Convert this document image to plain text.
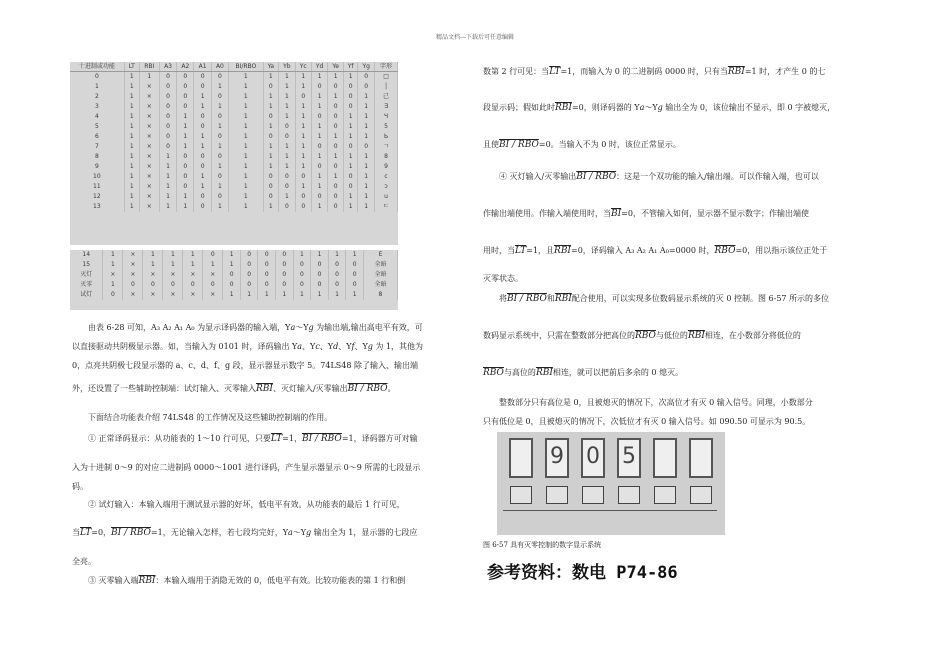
精品文档---下载后可任意编辑
十进制或功能	LT	RBI	A3	A2	A1	A0	BI/RBO	Ya	Yb	Yc	Yd	Ye	Yf	Yg	字形
0	1	1	0	0	0	0	1	1	1	1	1	1	1	0	□
1	1	×	0	0	0	1	1	0	1	1	0	0	0	0	│
2	1	×	0	0	1	0	1	1	1	0	1	1	0	1	己
3	1	×	0	0	1	1	1	1	1	1	1	0	0	1	∃
4	1	×	0	1	0	0	1	0	1	1	0	0	1	1	Ч
5	1	×	0	1	0	1	1	1	0	1	1	0	1	1	5
6	1	×	0	1	1	0	1	0	0	1	1	1	1	1	Ь
7	1	×	0	1	1	1	1	1	1	1	0	0	0	0	ㄱ
8	1	×	1	0	0	0	1	1	1	1	1	1	1	1	8
9	1	×	1	0	0	1	1	1	1	1	0	0	1	1	9
10	1	×	1	0	1	0	1	0	0	0	1	1	0	1	c
11	1	×	1	0	1	1	1	0	0	1	1	0	0	1	ɔ
12	1	×	1	1	0	0	1	0	1	0	0	0	1	1	u
13	1	×	1	1	0	1	1	1	0	0	1	0	1	1	ㄷ
14	1	×	1	1	1	0	1	0	0	0	1	1	1	1	E
15	1	×	1	1	1	1	1	0	0	0	0	0	0	0	全暗
灭灯	×	×	×	×	×	×	0	0	0	0	0	0	0	0	全暗
灭零	1	0	0	0	0	0	0	0	0	0	0	0	0	0	全暗
试灯	0	×	×	×	×	×	1	1	1	1	1	1	1	1	8
由表 6-28 可知，A₃ A₂ A₁ A₀ 为显示译码器的输入端，Y𝑎～Y𝑔 为输出端,输出高电平有效，可
以直接驱动共阴极显示器。如，当输入为 0101 时，译码输出 Y𝑎、Y𝑐、Y𝑑、Y𝑓、Y𝑔 为 1，其他为
0，点亮共阴极七段显示器的 a、c、d、f、g 段，显示器显示数字 5。74LS48 除了输入、输出端
外，还设置了一些辅助控制端：试灯输入、灭零输入$\overline{RBI}$、灭灯输入/灭零输出BI / RBO。
下面结合功能表介绍 74LS48 的工作情况及这些辅助控制端的作用。
① 正常译码显示：从功能表的 1～10 行可见，只要$\overline{LT}=1$，BI / RBO=1，译码器方可对输
入为十进制 0～9 的对应二进制码 0000～1001 进行译码，产生显示器显示 0～9 所需的七段显示
码。
② 试灯输入：本输入端用于测试显示器的好坏，低电平有效。从功能表的最后 1 行可见，
当$\overline{LT}=0$，BI / RBO=1，无论输入怎样，若七段均完好，Y𝑎～Y𝑔 输出全为 1，显示器的七段应
全亮。
③ 灭零输入端$\overline{RBI}$：本输入端用于消隐无效的 0，低电平有效。比较功能表的第 1 行和倒
数第 2 行可见：当$\overline{LT}=1$，而输入为 0 的二进制码 0000 时，只有当$\overline{RBI}=1$ 时，才产生 0 的七
段显示码；假如此时$\overline{RBI}=0$，则译码器的 Y𝑎～Y𝑔 输出全为 0，该位输出不显示，即 0 字被熄灭，
且使BI / RBO=0。当输入不为 0 时，该位正常显示。
④ 灭灯输入/灭零输出BI / RBO：这是一个双功能的输入/输出端。可以作输入端，也可以
作输出端使用。作输入端使用时，当$\overline{BI}=0$，不管输入如何，显示器不显示数字；作输出端使
用时，当$\overline{LT}=1$，且$\overline{RBI}=0$，译码输入 A₃ A₂ A₁ A₀=0000 时，$\overline{RBO}=0$，用以指示该位正处于
灭零状态。
将BI / RBO和$\overline{RBI}$配合使用，可以实现多位数码显示系统的灭 0 控制。图 6-57 所示的多位
数码显示系统中，只需在整数部分把高位的$\overline{RBO}$与低位的$\overline{RBI}$相连，在小数部分将低位的
$\overline{RBO}$与高位的$\overline{RBI}$相连，就可以把前后多余的 0 熄灭。
整数部分只有高位是 0，且被熄灭的情况下，次高位才有灭 0 输入信号。同理，小数部分
只有低位是 0，且被熄灭的情况下，次低位才有灭 0 输入信号。如 090.50 可显示为 90.5。
9 0 5
图 6-57 具有灭零控制的数字显示系统
参考资料：数电 P74-86
